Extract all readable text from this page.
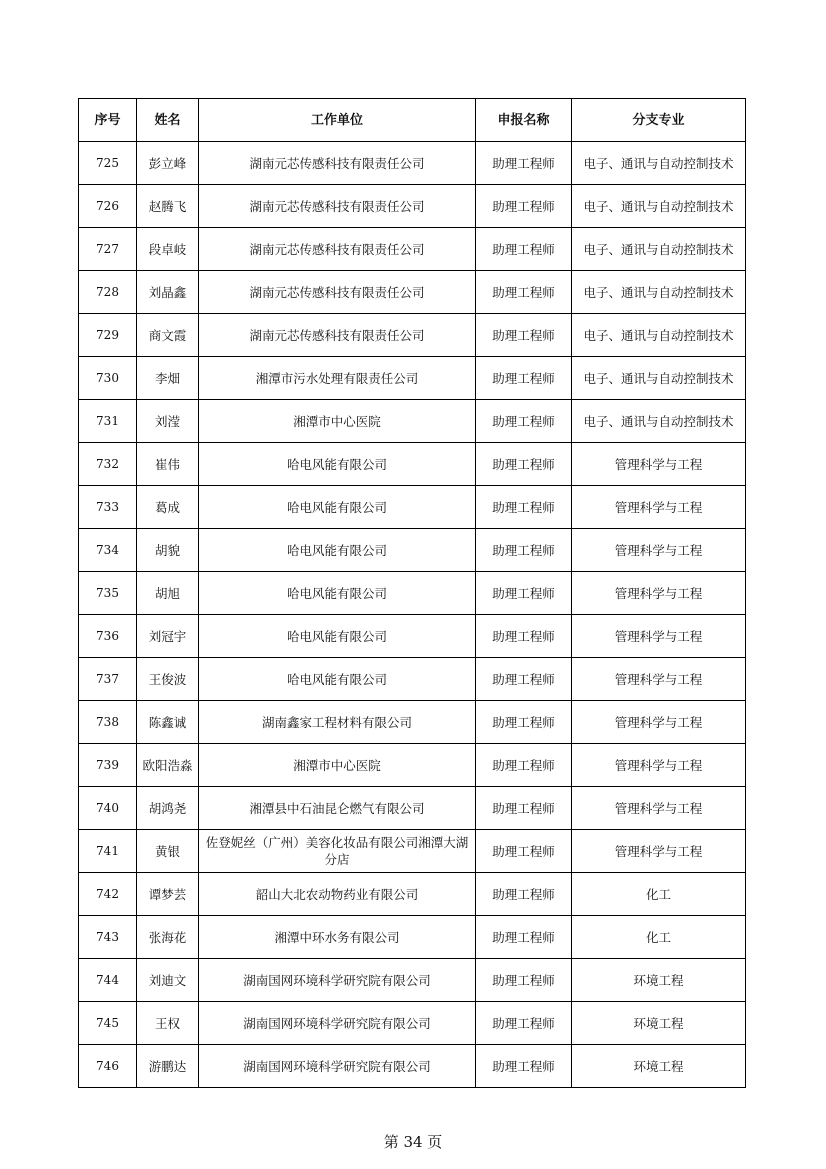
序号	姓名	工作单位	申报名称	分支专业
725	彭立峰	湖南元芯传感科技有限责任公司	助理工程师	电子、通讯与自动控制技术
726	赵腾飞	湖南元芯传感科技有限责任公司	助理工程师	电子、通讯与自动控制技术
727	段卓岐	湖南元芯传感科技有限责任公司	助理工程师	电子、通讯与自动控制技术
728	刘晶鑫	湖南元芯传感科技有限责任公司	助理工程师	电子、通讯与自动控制技术
729	商文霞	湖南元芯传感科技有限责任公司	助理工程师	电子、通讯与自动控制技术
730	李畑	湘潭市污水处理有限责任公司	助理工程师	电子、通讯与自动控制技术
731	刘滢	湘潭市中心医院	助理工程师	电子、通讯与自动控制技术
732	崔伟	哈电风能有限公司	助理工程师	管理科学与工程
733	葛成	哈电风能有限公司	助理工程师	管理科学与工程
734	胡貌	哈电风能有限公司	助理工程师	管理科学与工程
735	胡旭	哈电风能有限公司	助理工程师	管理科学与工程
736	刘冠宇	哈电风能有限公司	助理工程师	管理科学与工程
737	王俊波	哈电风能有限公司	助理工程师	管理科学与工程
738	陈鑫诚	湖南鑫家工程材料有限公司	助理工程师	管理科学与工程
739	欧阳浩淼	湘潭市中心医院	助理工程师	管理科学与工程
740	胡鸿尧	湘潭县中石油昆仑燃气有限公司	助理工程师	管理科学与工程
741	黄银	佐登妮丝（广州）美容化妆品有限公司湘潭大湖分店	助理工程师	管理科学与工程
742	谭梦芸	韶山大北农动物药业有限公司	助理工程师	化工
743	张海花	湘潭中环水务有限公司	助理工程师	化工
744	刘迪文	湖南国网环境科学研究院有限公司	助理工程师	环境工程
745	王权	湖南国网环境科学研究院有限公司	助理工程师	环境工程
746	游鹏达	湖南国网环境科学研究院有限公司	助理工程师	环境工程
第 34 页
